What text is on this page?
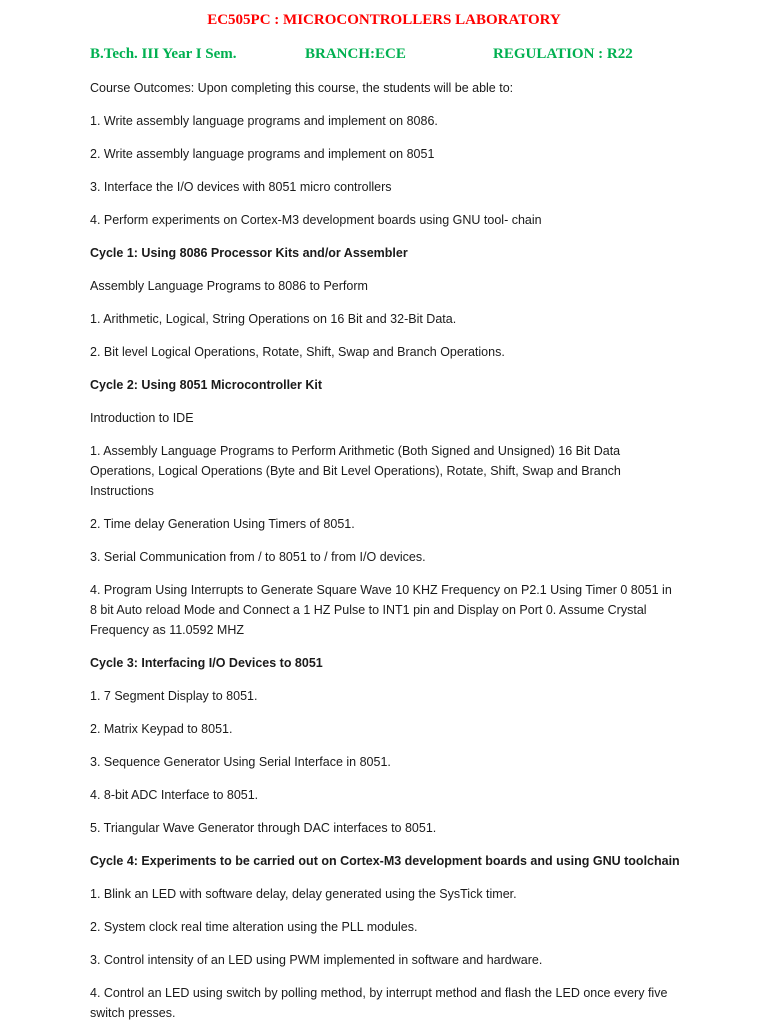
EC505PC : MICROCONTROLLERS LABORATORY
B.Tech. III Year I Sem.	BRANCH:ECE	REGULATION : R22

Course Outcomes: Upon completing this course, the students will be able to:

1. Write assembly language programs and implement on 8086.

2. Write assembly language programs and implement on 8051

3. Interface the I/O devices with 8051 micro controllers

4. Perform experiments on Cortex-M3 development boards using GNU tool- chain

Cycle 1: Using 8086 Processor Kits and/or Assembler

Assembly Language Programs to 8086 to Perform

1. Arithmetic, Logical, String Operations on 16 Bit and 32-Bit Data.

2. Bit level Logical Operations, Rotate, Shift, Swap and Branch Operations.

Cycle 2: Using 8051 Microcontroller Kit

Introduction to IDE

1. Assembly Language Programs to Perform Arithmetic (Both Signed and Unsigned) 16 Bit Data Operations, Logical Operations (Byte and Bit Level Operations), Rotate, Shift, Swap and Branch Instructions

2. Time delay Generation Using Timers of 8051.

3. Serial Communication from / to 8051 to / from I/O devices.

4. Program Using Interrupts to Generate Square Wave 10 KHZ Frequency on P2.1 Using Timer 0 8051 in 8 bit Auto reload Mode and Connect a 1 HZ Pulse to INT1 pin and Display on Port 0. Assume Crystal Frequency as 11.0592 MHZ

Cycle 3: Interfacing I/O Devices to 8051

1. 7 Segment Display to 8051.

2. Matrix Keypad to 8051.

3. Sequence Generator Using Serial Interface in 8051.

4. 8-bit ADC Interface to 8051.

5. Triangular Wave Generator through DAC interfaces to 8051.

Cycle 4: Experiments to be carried out on Cortex-M3 development boards and using GNU toolchain

1. Blink an LED with software delay, delay generated using the SysTick timer.

2. System clock real time alteration using the PLL modules.

3. Control intensity of an LED using PWM implemented in software and hardware.

4. Control an LED using switch by polling method, by interrupt method and flash the LED once every five switch presses.
